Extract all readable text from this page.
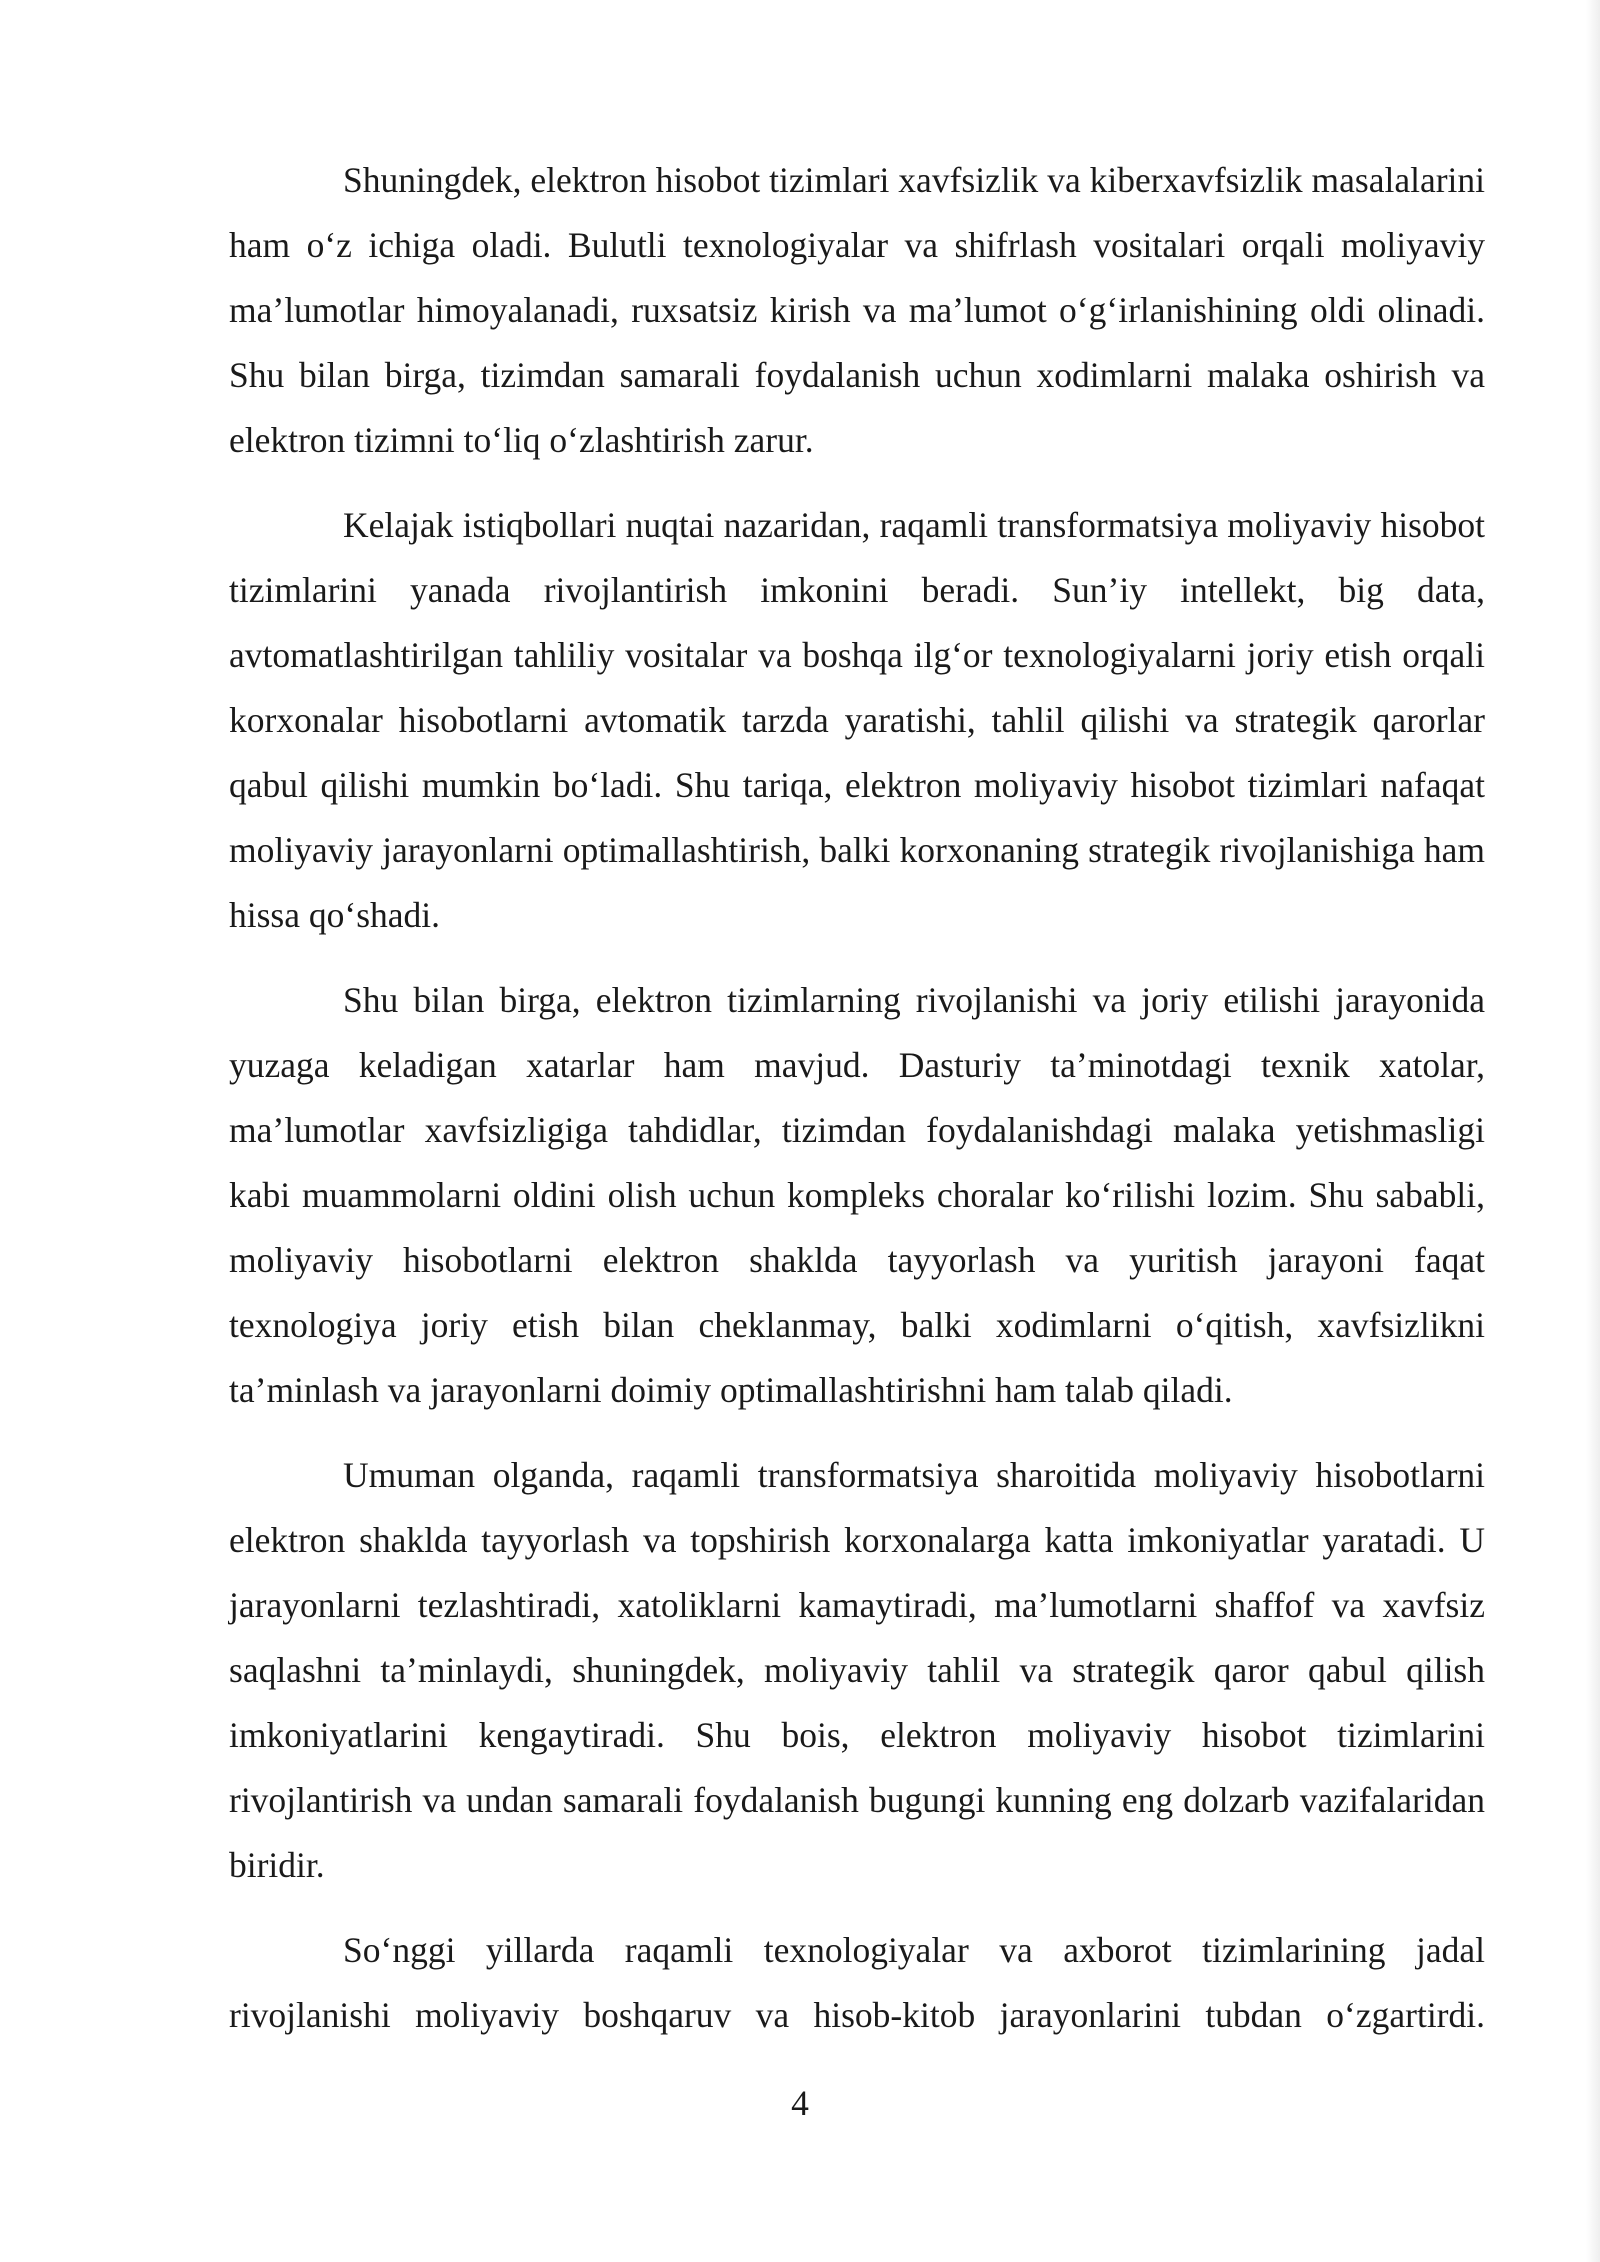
Shuningdek, elektron hisobot tizimlari xavfsizlik va kiberxavfsizlik masalalarini ham o‘z ichiga oladi. Bulutli texnologiyalar va shifrlash vositalari orqali moliyaviy ma’lumotlar himoyalanadi, ruxsatsiz kirish va ma’lumot o‘g‘irlanishining oldi olinadi. Shu bilan birga, tizimdan samarali foydalanish uchun xodimlarni malaka oshirish va elektron tizimni to‘liq o‘zlashtirish zarur.

Kelajak istiqbollari nuqtai nazaridan, raqamli transformatsiya moliyaviy hisobot tizimlarini yanada rivojlantirish imkonini beradi. Sun’iy intellekt, big data, avtomatlashtirilgan tahliliy vositalar va boshqa ilg‘or texnologiyalarni joriy etish orqali korxonalar hisobotlarni avtomatik tarzda yaratishi, tahlil qilishi va strategik qarorlar qabul qilishi mumkin bo‘ladi. Shu tariqa, elektron moliyaviy hisobot tizimlari nafaqat moliyaviy jarayonlarni optimallashtirish, balki korxonaning strategik rivojlanishiga ham hissa qo‘shadi.

Shu bilan birga, elektron tizimlarning rivojlanishi va joriy etilishi jarayonida yuzaga keladigan xatarlar ham mavjud. Dasturiy ta’minotdagi texnik xatolar, ma’lumotlar xavfsizligiga tahdidlar, tizimdan foydalanishdagi malaka yetishmasligi kabi muammolarni oldini olish uchun kompleks choralar ko‘rilishi lozim. Shu sababli, moliyaviy hisobotlarni elektron shaklda tayyorlash va yuritish jarayoni faqat texnologiya joriy etish bilan cheklanmay, balki xodimlarni o‘qitish, xavfsizlikni ta’minlash va jarayonlarni doimiy optimallashtirishni ham talab qiladi.

Umuman olganda, raqamli transformatsiya sharoitida moliyaviy hisobotlarni elektron shaklda tayyorlash va topshirish korxonalarga katta imkoniyatlar yaratadi. U jarayonlarni tezlashtiradi, xatoliklarni kamaytiradi, ma’lumotlarni shaffof va xavfsiz saqlashni ta’minlaydi, shuningdek, moliyaviy tahlil va strategik qaror qabul qilish imkoniyatlarini kengaytiradi. Shu bois, elektron moliyaviy hisobot tizimlarini rivojlantirish va undan samarali foydalanish bugungi kunning eng dolzarb vazifalaridan biridir.

So‘nggi yillarda raqamli texnologiyalar va axborot tizimlarining jadal rivojlanishi moliyaviy boshqaruv va hisob-kitob jarayonlarini tubdan o‘zgartirdi.

4
